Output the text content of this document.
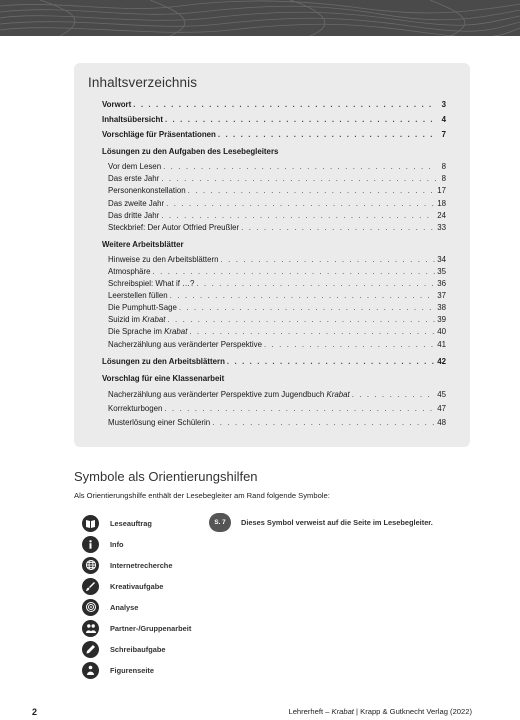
Inhaltsverzeichnis
Vorwort . . .	3
Inhaltsübersicht . . .	4
Vorschläge für Präsentationen . . .	7
Lösungen zu den Aufgaben des Lesebegleiters
Vor dem Lesen . . .	8
Das erste Jahr . . .	8
Personenkonstellation . . .	17
Das zweite Jahr . . .	18
Das dritte Jahr . . .	24
Steckbrief: Der Autor Otfried Preußler . . .	33
Weitere Arbeitsblätter
Hinweise zu den Arbeitsblättern . . .	34
Atmosphäre . . .	35
Schreibspiel: What if …? . . .	36
Leerstellen füllen . . .	37
Die Pumphutt-Sage . . .	38
Suizid im Krabat . . .	39
Die Sprache im Krabat . . .	40
Nacherzählung aus veränderter Perspektive . . .	41
Lösungen zu den Arbeitsblättern . . .	42
Vorschlag für eine Klassenarbeit
Nacherzählung aus veränderter Perspektive zum Jugendbuch Krabat . . .	45
Korrekturbogen . . .	47
Musterlösung einer Schülerin . . .	48
Symbole als Orientierungshilfen
Als Orientierungshilfe enthält der Lesebegleiter am Rand folgende Symbole:
Leseauftrag
Info
Internetrecherche
Kreativaufgabe
Analyse
Partner-/Gruppenarbeit
Schreibaufgabe
Figurenseite
S. 7	Dieses Symbol verweist auf die Seite im Lesebegleiter.
2	Lehrerheft – Krabat | Krapp & Gutknecht Verlag (2022)
